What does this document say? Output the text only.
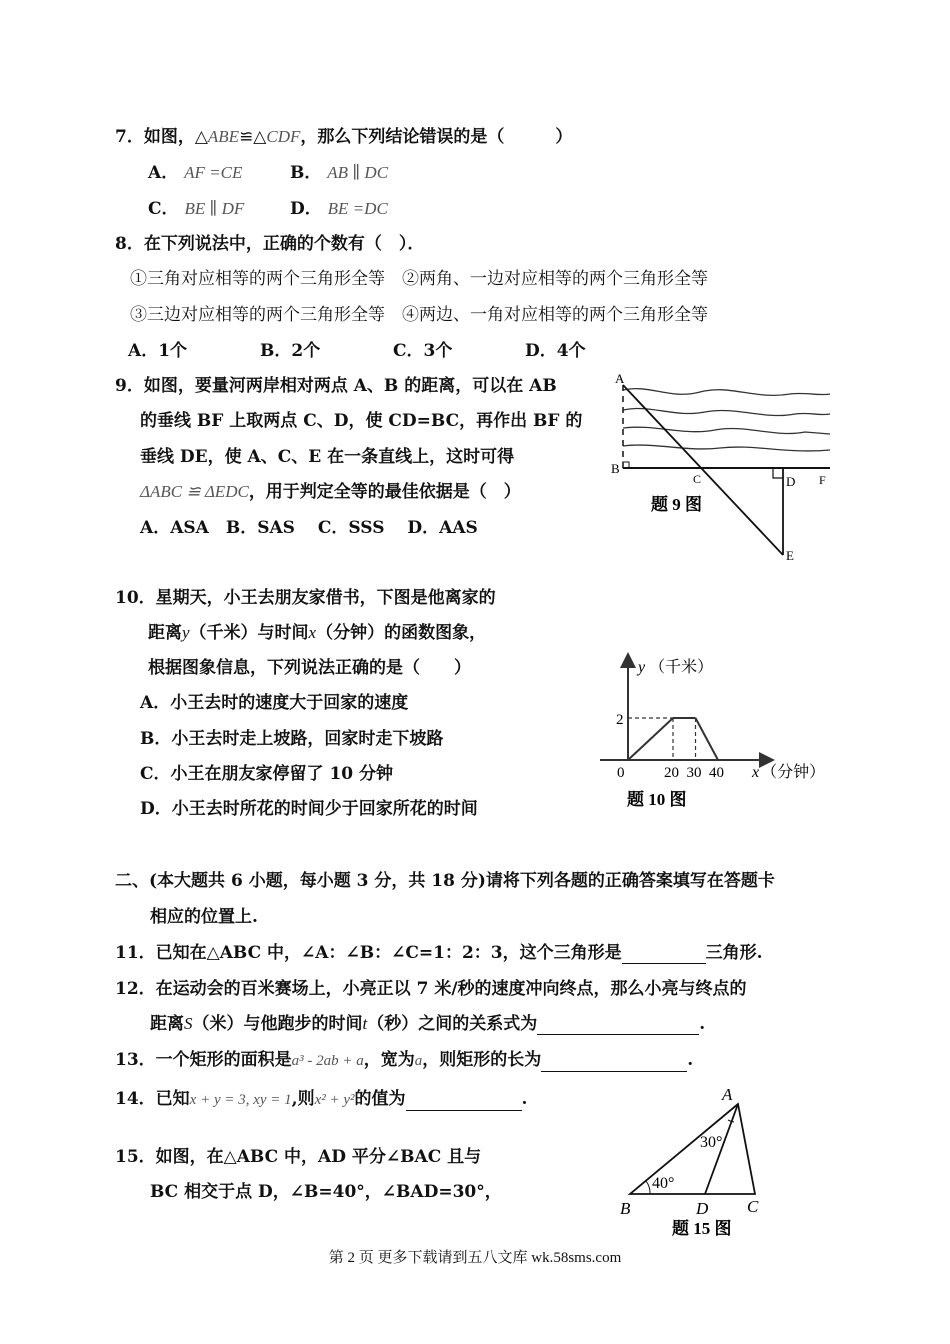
7．如图，△ABE≌△CDF，那么下列结论错误的是（　　　）
A． AF =CE	B． AB ∥ DC
C． BE ∥ DF	D． BE =DC
8．在下列说法中，正确的个数有（　）．
①三角对应相等的两个三角形全等　②两角、一边对应相等的两个三角形全等
③三边对应相等的两个三角形全等　④两边、一角对应相等的两个三角形全等
A．1个	B．2个	C．3个	D．4个
9．如图，要量河两岸相对两点 A、B 的距离，可以在 AB
的垂线 BF 上取两点 C、D，使 CD=BC，再作出 BF 的
垂线 DE，使 A、C、E 在一条直线上，这时可得
ΔABC ≌ ΔEDC，用于判定全等的最佳依据是（　）
A．ASA　B．SAS　 C．SSS　 D．AAS
A
B
C	D F
E
题 9 图
10．星期天，小王去朋友家借书，下图是他离家的
距离y（千米）与时间x（分钟）的函数图象，
根据图象信息，下列说法正确的是（　　）
A．小王去时的速度大于回家的速度
B．小王去时走上坡路，回家时走下坡路
C．小王在朋友家停留了 10 分钟
D．小王去时所花的时间少于回家所花的时间
2
20 30 40
y （千米）
x （分钟）
0
题 10 图
二、(本大题共 6 小题，每小题 3 分，共 18 分)请将下列各题的正确答案填写在答题卡
相应的位置上.
11．已知在△ABC 中，∠A：∠B：∠C=1：2：3，这个三角形是	三角形.
12．在运动会的百米赛场上，小亮正以 7 米/秒的速度冲向终点，那么小亮与终点的
距离S（米）与他跑步的时间t（秒）之间的关系式为	.
13．一个矩形的面积是a³ - 2ab + a，宽为a，则矩形的长为	.
14．已知x + y = 3, xy = 1,则x² + y²的值为	.
15．如图，在△ABC 中，AD 平分∠BAC 且与
BC 相交于点 D，∠B=40°，∠BAD=30°，
A
B	D C
40°
30°
题 15 图
第 2 页 更多下载请到五八文库 wk.58sms.com
